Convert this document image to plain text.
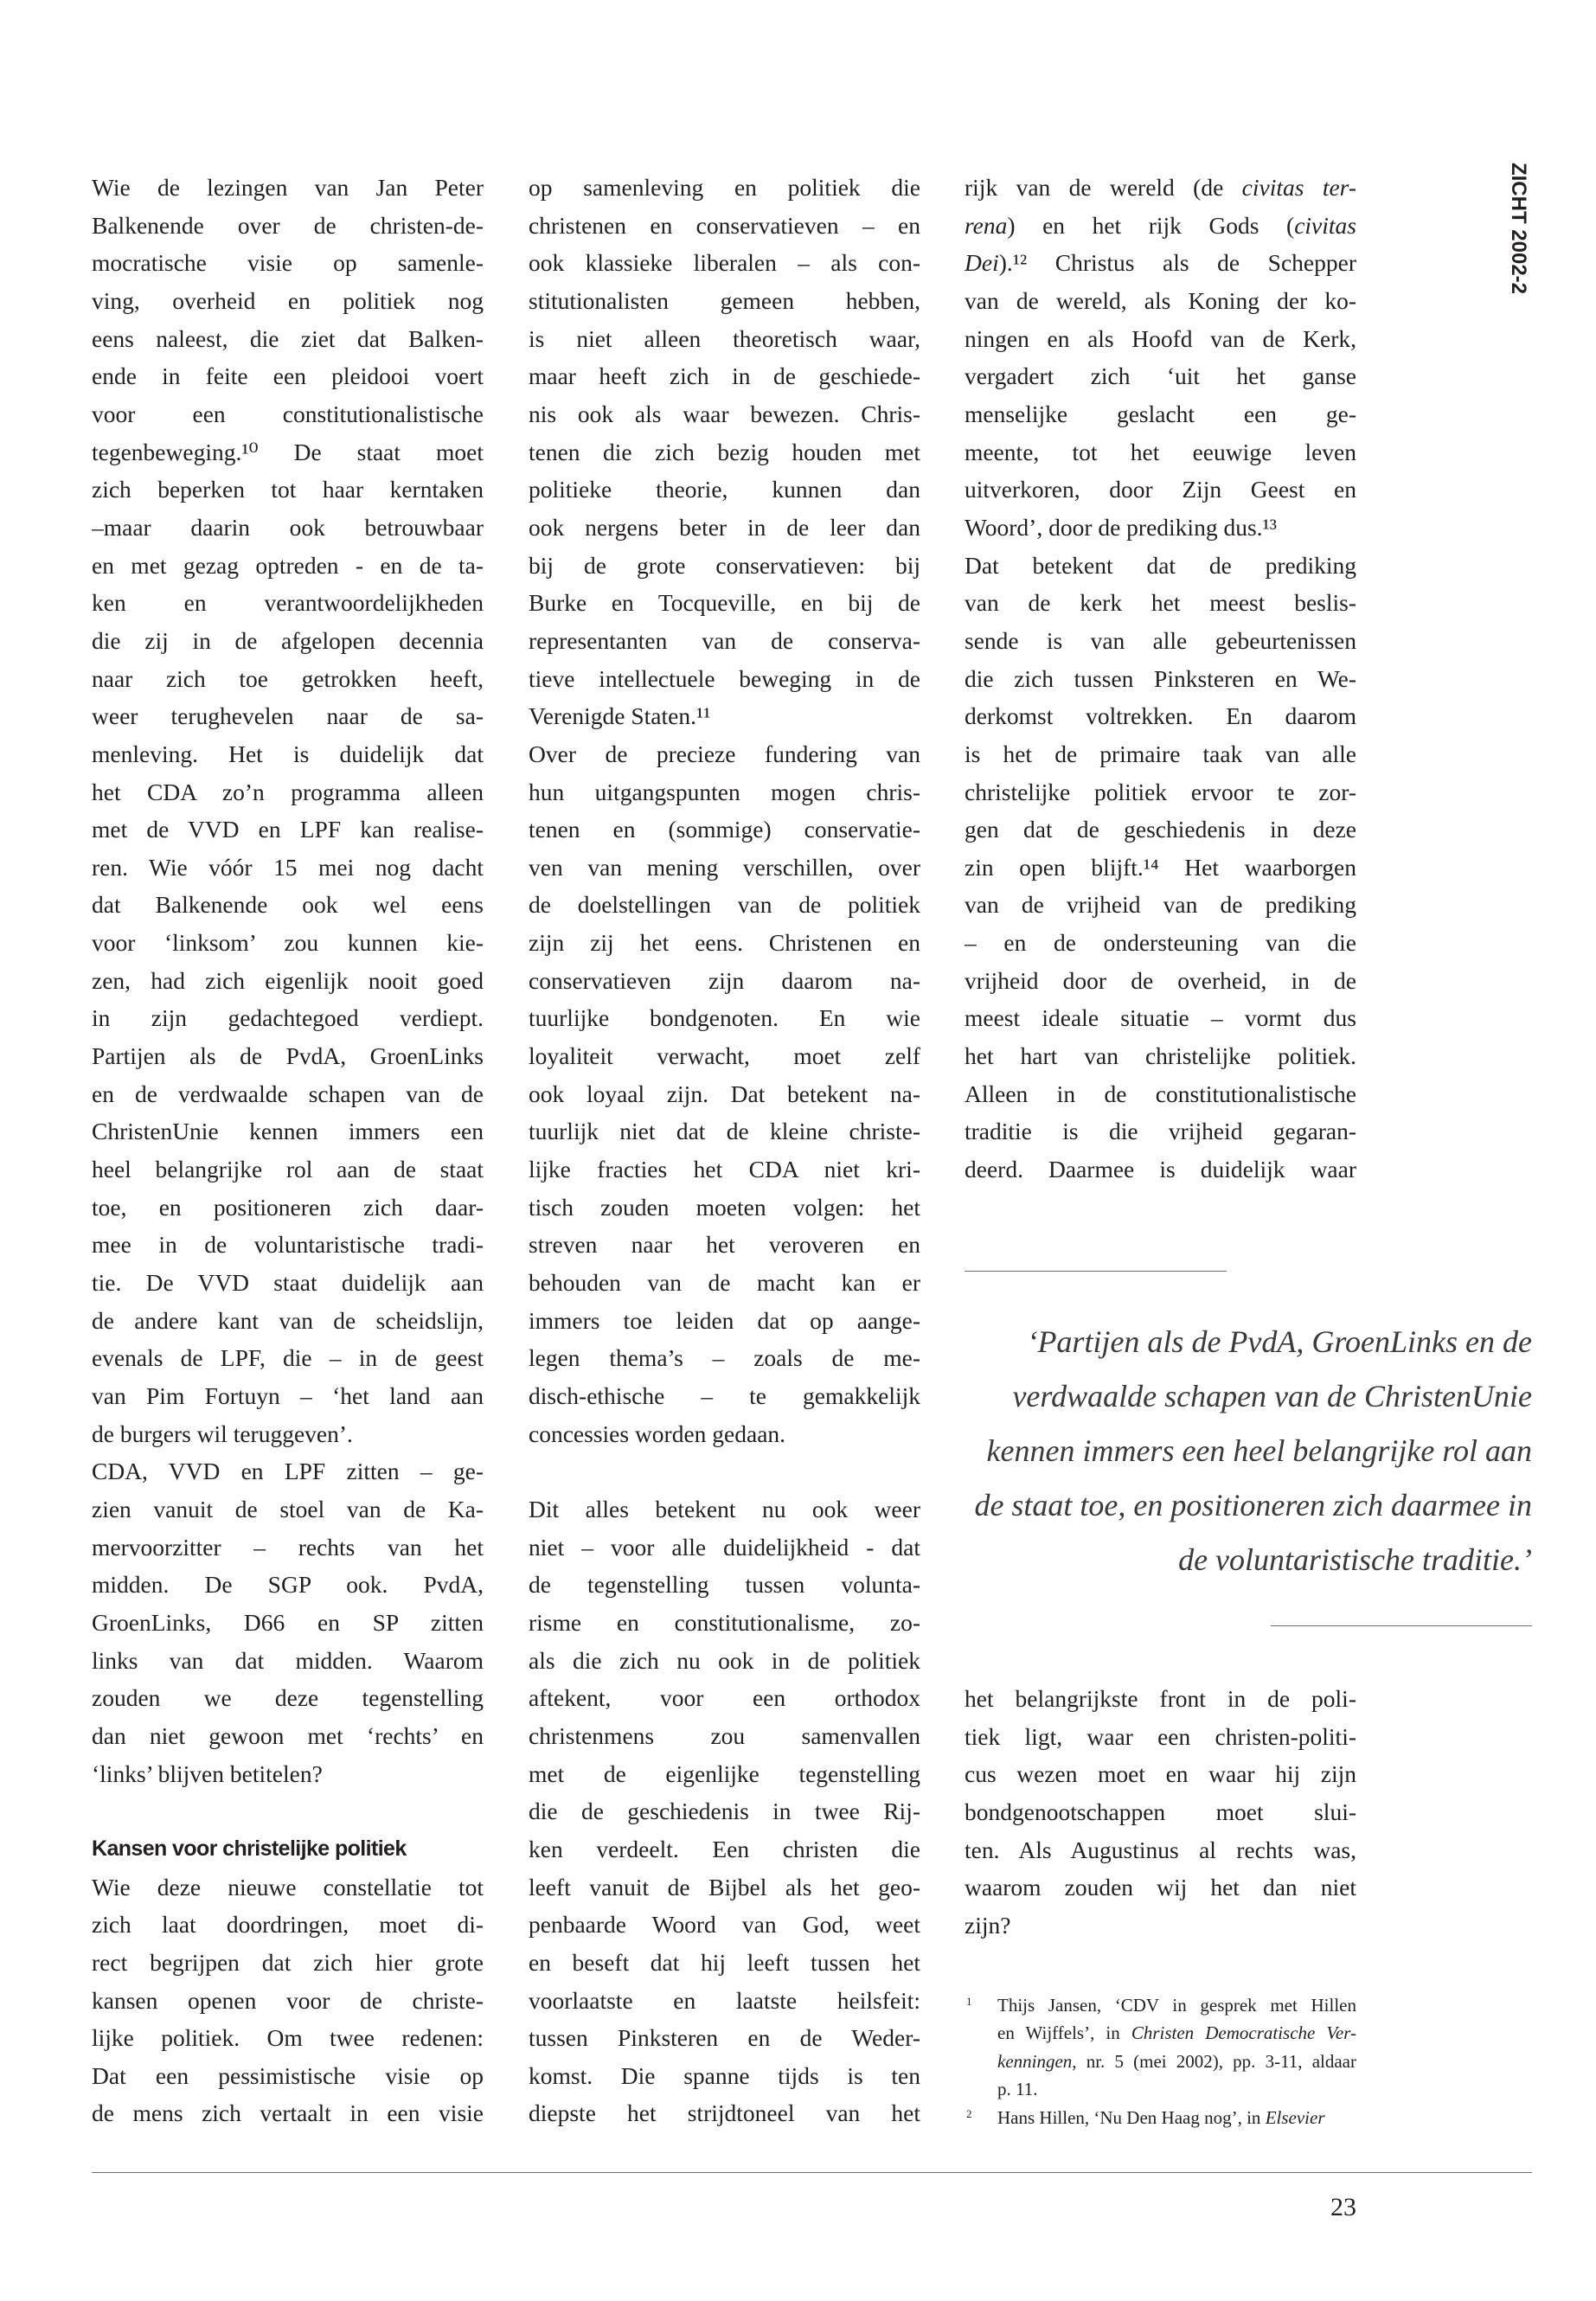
ZICHT 2002-2
Wie de lezingen van Jan Peter
Balkenende over de christen-de-
mocratische visie op samenle-
ving, overheid en politiek nog
eens naleest, die ziet dat Balken-
ende in feite een pleidooi voert
voor een constitutionalistische
tegenbeweging.¹⁰ De staat moet
zich beperken tot haar kerntaken
–maar daarin ook betrouwbaar
en met gezag optreden - en de ta-
ken en verantwoordelijkheden
die zij in de afgelopen decennia
naar zich toe getrokken heeft,
weer terughevelen naar de sa-
menleving. Het is duidelijk dat
het CDA zo’n programma alleen
met de VVD en LPF kan realise-
ren. Wie vóór 15 mei nog dacht
dat Balkenende ook wel eens
voor ‘linksom’ zou kunnen kie-
zen, had zich eigenlijk nooit goed
in zijn gedachtegoed verdiept.
Partijen als de PvdA, GroenLinks
en de verdwaalde schapen van de
ChristenUnie kennen immers een
heel belangrijke rol aan de staat
toe, en positioneren zich daar-
mee in de voluntaristische tradi-
tie. De VVD staat duidelijk aan
de andere kant van de scheidslijn,
evenals de LPF, die – in de geest
van Pim Fortuyn – ‘het land aan
de burgers wil teruggeven’.
CDA, VVD en LPF zitten – ge-
zien vanuit de stoel van de Ka-
mervoorzitter – rechts van het
midden. De SGP ook. PvdA,
GroenLinks, D66 en SP zitten
links van dat midden. Waarom
zouden we deze tegenstelling
dan niet gewoon met ‘rechts’ en
‘links’ blijven betitelen?
Kansen voor christelijke politiek
Wie deze nieuwe constellatie tot
zich laat doordringen, moet di-
rect begrijpen dat zich hier grote
kansen openen voor de christe-
lijke politiek. Om twee redenen:
Dat een pessimistische visie op
de mens zich vertaalt in een visie
op samenleving en politiek die
christenen en conservatieven – en
ook klassieke liberalen – als con-
stitutionalisten gemeen hebben,
is niet alleen theoretisch waar,
maar heeft zich in de geschiede-
nis ook als waar bewezen. Chris-
tenen die zich bezig houden met
politieke theorie, kunnen dan
ook nergens beter in de leer dan
bij de grote conservatieven: bij
Burke en Tocqueville, en bij de
representanten van de conserva-
tieve intellectuele beweging in de
Verenigde Staten.¹¹
Over de precieze fundering van
hun uitgangspunten mogen chris-
tenen en (sommige) conservatie-
ven van mening verschillen, over
de doelstellingen van de politiek
zijn zij het eens. Christenen en
conservatieven zijn daarom na-
tuurlijke bondgenoten. En wie
loyaliteit verwacht, moet zelf
ook loyaal zijn. Dat betekent na-
tuurlijk niet dat de kleine christe-
lijke fracties het CDA niet kri-
tisch zouden moeten volgen: het
streven naar het veroveren en
behouden van de macht kan er
immers toe leiden dat op aange-
legen thema’s – zoals de me-
disch-ethische – te gemakkelijk
concessies worden gedaan.
Dit alles betekent nu ook weer
niet – voor alle duidelijkheid - dat
de tegenstelling tussen volunta-
risme en constitutionalisme, zo-
als die zich nu ook in de politiek
aftekent, voor een orthodox
christenmens zou samenvallen
met de eigenlijke tegenstelling
die de geschiedenis in twee Rij-
ken verdeelt. Een christen die
leeft vanuit de Bijbel als het geo-
penbaarde Woord van God, weet
en beseft dat hij leeft tussen het
voorlaatste en laatste heilsfeit:
tussen Pinksteren en de Weder-
komst. Die spanne tijds is ten
diepste het strijdtoneel van het
rijk van de wereld (de civitas ter-
rena) en het rijk Gods (civitas
Dei).¹² Christus als de Schepper
van de wereld, als Koning der ko-
ningen en als Hoofd van de Kerk,
vergadert zich ‘uit het ganse
menselijke geslacht een ge-
meente, tot het eeuwige leven
uitverkoren, door Zijn Geest en
Woord’, door de prediking dus.¹³
Dat betekent dat de prediking
van de kerk het meest beslis-
sende is van alle gebeurtenissen
die zich tussen Pinksteren en We-
derkomst voltrekken. En daarom
is het de primaire taak van alle
christelijke politiek ervoor te zor-
gen dat de geschiedenis in deze
zin open blijft.¹⁴ Het waarborgen
van de vrijheid van de prediking
– en de ondersteuning van die
vrijheid door de overheid, in de
meest ideale situatie – vormt dus
het hart van christelijke politiek.
Alleen in de constitutionalistische
traditie is die vrijheid gegaran-
deerd. Daarmee is duidelijk waar
‘Partijen als de PvdA, GroenLinks en de
verdwaalde schapen van de ChristenUnie
kennen immers een heel belangrijke rol aan
de staat toe, en positioneren zich daarmee in
de voluntaristische traditie.’
het belangrijkste front in de poli-
tiek ligt, waar een christen-politi-
cus wezen moet en waar hij zijn
bondgenootschappen moet slui-
ten. Als Augustinus al rechts was,
waarom zouden wij het dan niet
zijn?
1 Thijs Jansen, ‘CDV in gesprek met Hillen
en Wijffels’, in Christen Democratische Ver-
kenningen, nr. 5 (mei 2002), pp. 3-11, aldaar
p. 11.
2 Hans Hillen, ‘Nu Den Haag nog’, in Elsevier
23
